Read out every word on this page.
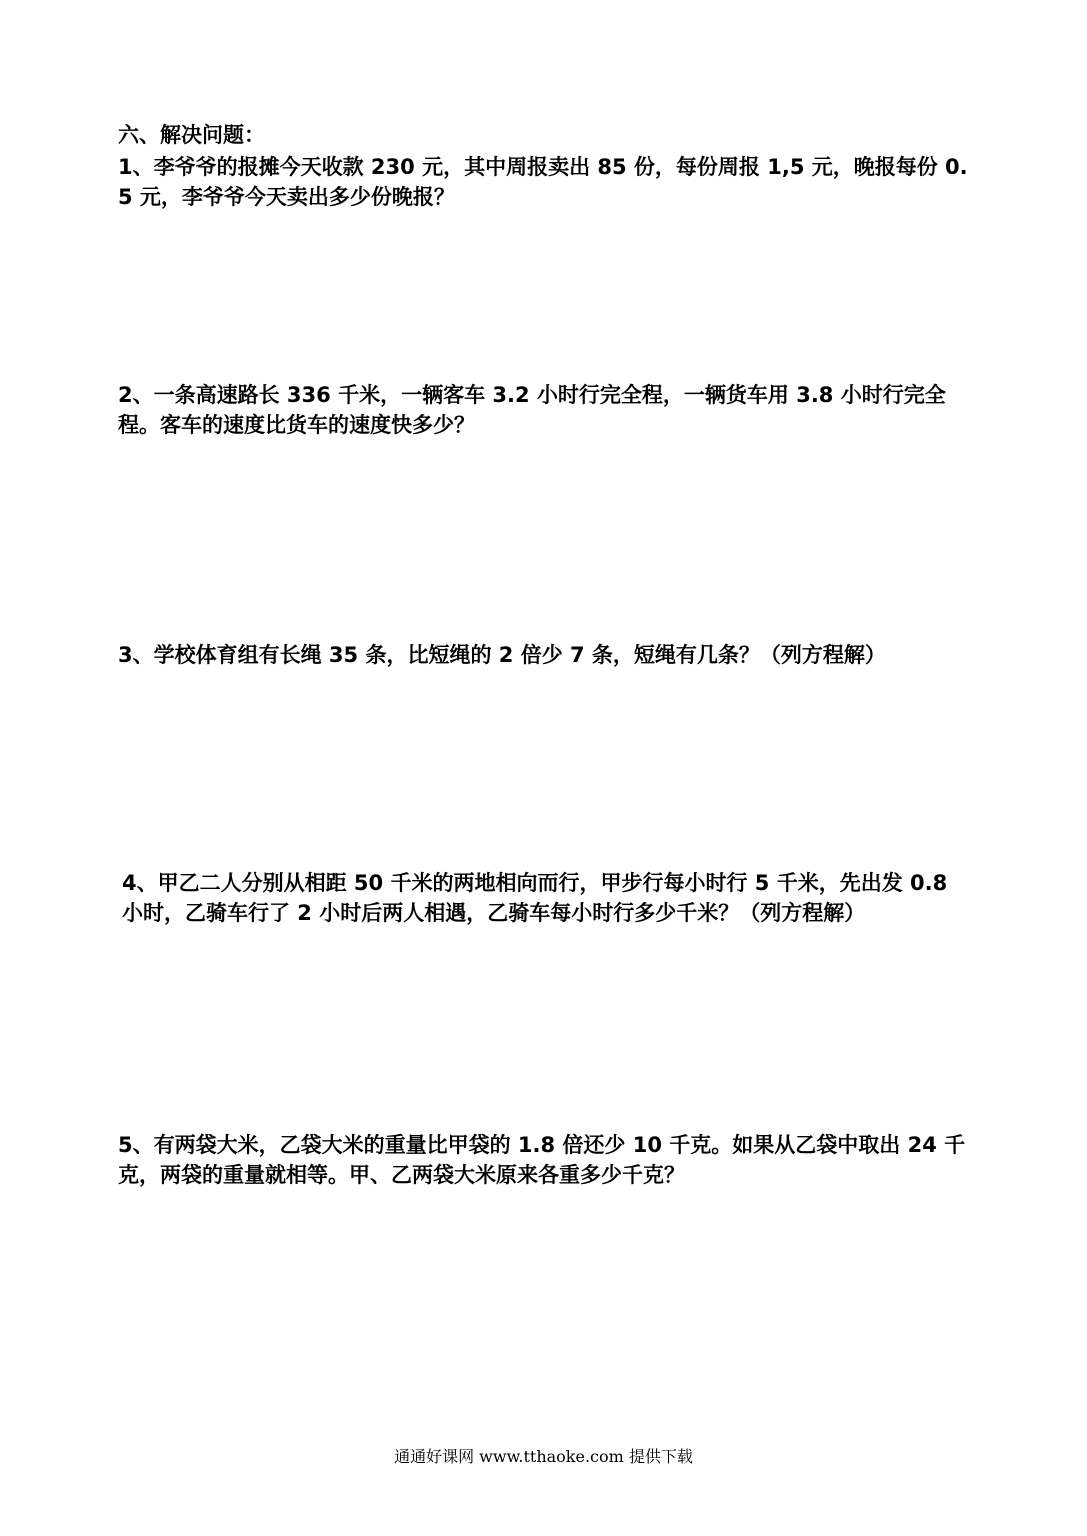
六、解决问题：
1、李爷爷的报摊今天收款 230 元，其中周报卖出 85 份，每份周报 1,5 元，晚报每份 0.5 元，李爷爷今天卖出多少份晚报？
2、一条高速路长 336 千米，一辆客车 3.2 小时行完全程，一辆货车用 3.8 小时行完全程。客车的速度比货车的速度快多少？
3、学校体育组有长绳 35 条，比短绳的 2 倍少 7 条，短绳有几条？（列方程解）
4、甲乙二人分别从相距 50 千米的两地相向而行，甲步行每小时行 5 千米，先出发 0.8 小时，乙骑车行了 2 小时后两人相遇，乙骑车每小时行多少千米？（列方程解）
5、有两袋大米，乙袋大米的重量比甲袋的 1.8 倍还少 10 千克。如果从乙袋中取出 24 千克，两袋的重量就相等。甲、乙两袋大米原来各重多少千克？
通通好课网 www.tthaoke.com 提供下载
